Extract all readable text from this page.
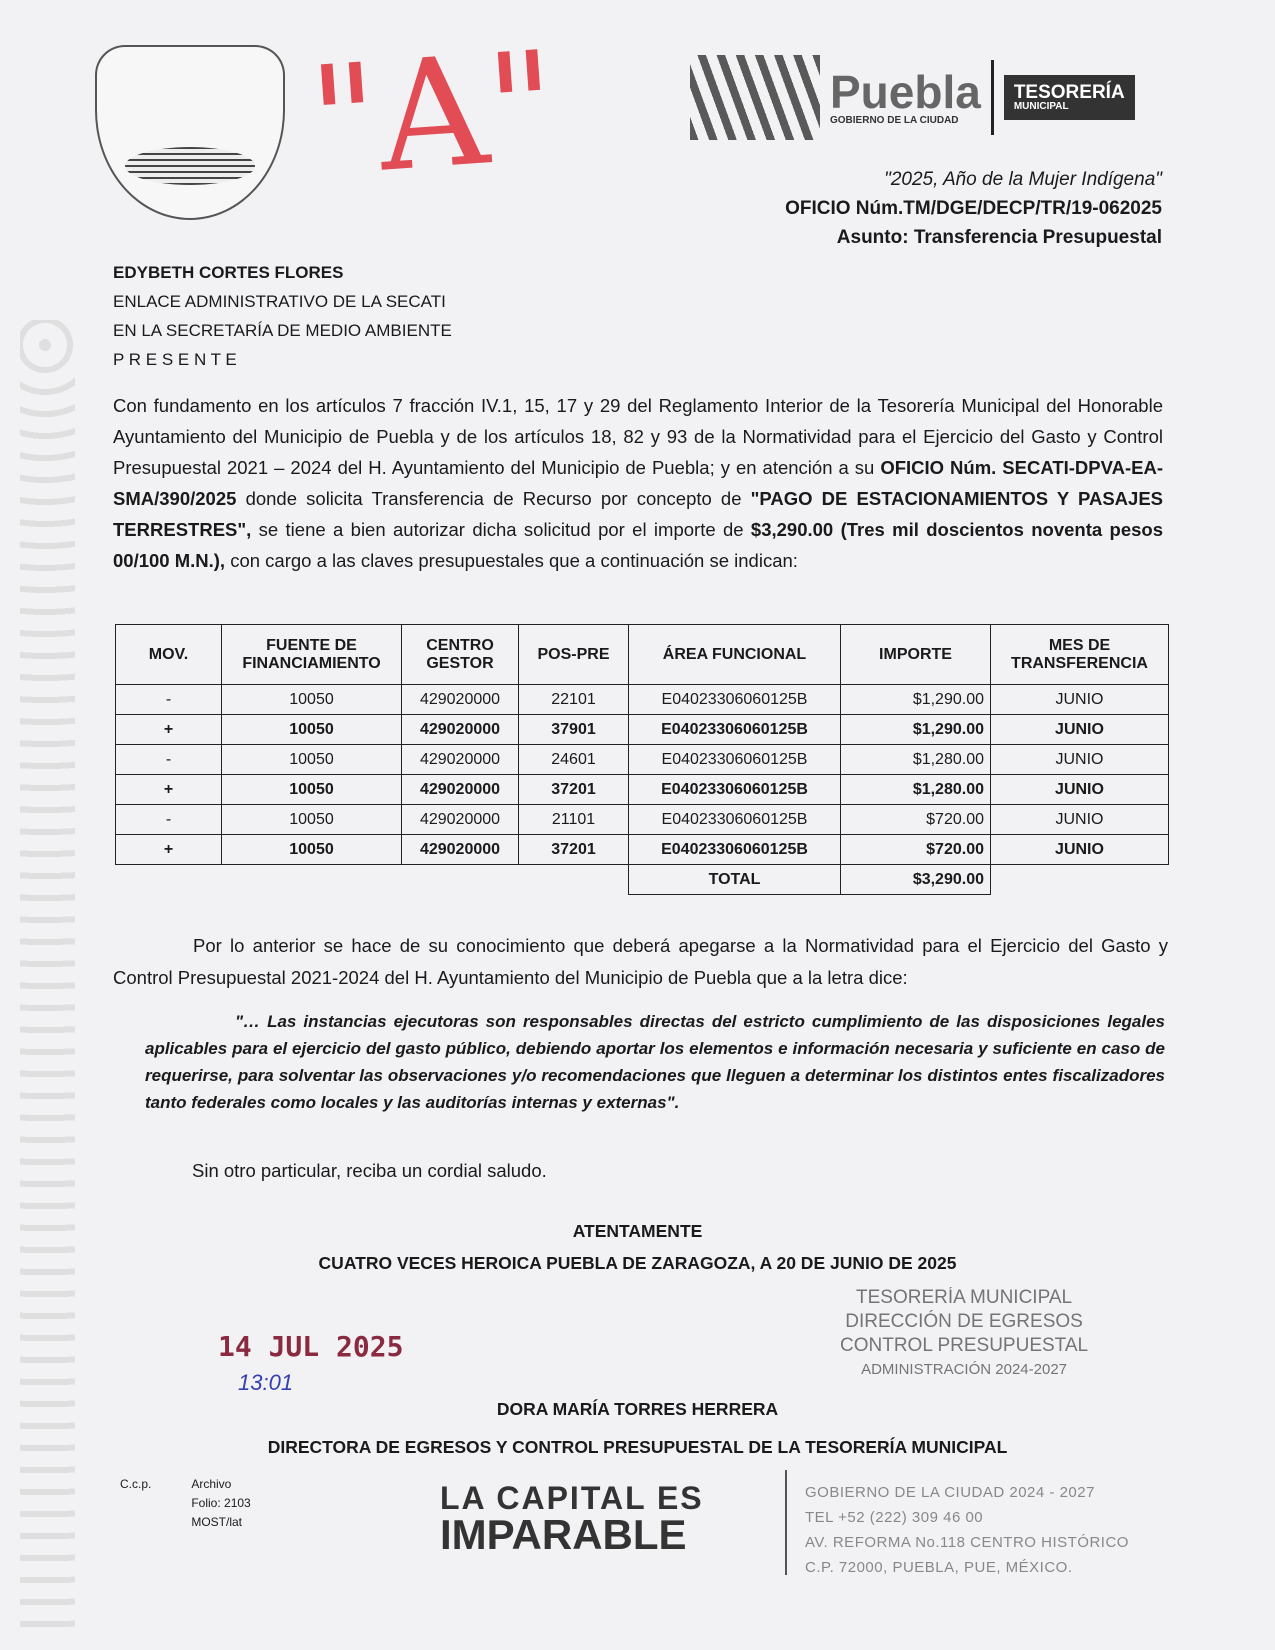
"A"	Puebla
GOBIERNO DE LA CIUDAD
TESORERÍA
MUNICIPAL
"2025, Año de la Mujer Indígena"
OFICIO Núm.TM/DGE/DECP/TR/19-062025
Asunto: Transferencia Presupuestal
EDYBETH CORTES FLORES
ENLACE ADMINISTRATIVO DE LA SECATI
EN LA SECRETARÍA DE MEDIO AMBIENTE
P R E S E N T E

Con fundamento en los artículos 7 fracción IV.1, 15, 17 y 29 del Reglamento Interior de la Tesorería Municipal del Honorable Ayuntamiento del Municipio de Puebla y de los artículos 18, 82 y 93 de la Normatividad para el Ejercicio del Gasto y Control Presupuestal 2021 – 2024 del H. Ayuntamiento del Municipio de Puebla; y en atención a su OFICIO Núm. SECATI-DPVA-EA-SMA/390/2025 donde solicita Transferencia de Recurso por concepto de "PAGO DE ESTACIONAMIENTOS Y PASAJES TERRESTRES", se tiene a bien autorizar dicha solicitud por el importe de $3,290.00 (Tres mil doscientos noventa pesos 00/100 M.N.), con cargo a las claves presupuestales que a continuación se indican:

MOV.	FUENTE DE FINANCIAMIENTO	CENTRO GESTOR	POS-PRE	ÁREA FUNCIONAL	IMPORTE	MES DE TRANSFERENCIA
-	10050	429020000	22101	E04023306060125B	$1,290.00	JUNIO
+	10050	429020000	37901	E04023306060125B	$1,290.00	JUNIO
-	10050	429020000	24601	E04023306060125B	$1,280.00	JUNIO
+	10050	429020000	37201	E04023306060125B	$1,280.00	JUNIO
-	10050	429020000	21101	E04023306060125B	$720.00	JUNIO
+	10050	429020000	37201	E04023306060125B	$720.00	JUNIO
				TOTAL	$3,290.00	

Por lo anterior se hace de su conocimiento que deberá apegarse a la Normatividad para el Ejercicio del Gasto y Control Presupuestal 2021-2024 del H. Ayuntamiento del Municipio de Puebla que a la letra dice:

"… Las instancias ejecutoras son responsables directas del estricto cumplimiento de las disposiciones legales aplicables para el ejercicio del gasto público, debiendo aportar los elementos e información necesaria y suficiente en caso de requerirse, para solventar las observaciones y/o recomendaciones que lleguen a determinar los distintos entes fiscalizadores tanto federales como locales y las auditorías internas y externas".

Sin otro particular, reciba un cordial saludo.

ATENTAMENTE
CUATRO VECES HEROICA PUEBLA DE ZARAGOZA, A 20 DE JUNIO DE 2025
14 JUL 2025
13:01
TESORERÍA MUNICIPAL
DIRECCIÓN DE EGRESOS
CONTROL PRESUPUESTAL
ADMINISTRACIÓN 2024-2027
DORA MARÍA TORRES HERRERA
DIRECTORA DE EGRESOS Y CONTROL PRESUPUESTAL DE LA TESORERÍA MUNICIPAL
C.c.p.	Archivo
Folio: 2103
MOST/lat
LA CAPITAL ES
IMPARABLE
GOBIERNO DE LA CIUDAD 2024 - 2027
TEL +52 (222) 309 46 00
AV. REFORMA No.118 CENTRO HISTÓRICO
C.P. 72000, PUEBLA, PUE, MÉXICO.
